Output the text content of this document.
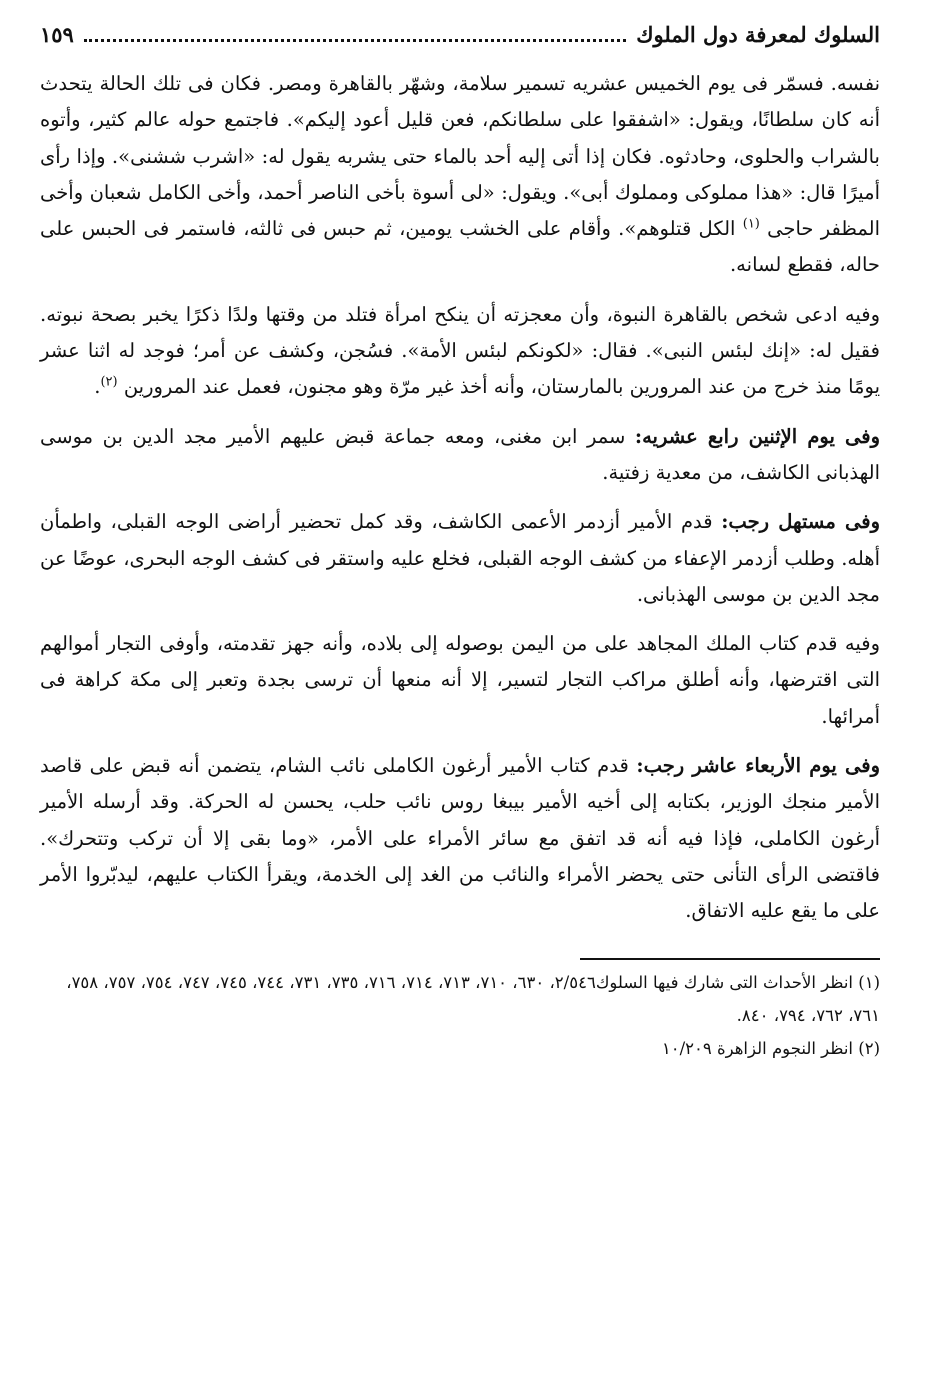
السلوك لمعرفة دول الملوك
١٥٩

نفسه. فسمّر فى يوم الخميس عشريه تسمير سلامة، وشهّر بالقاهرة ومصر. فكان فى تلك الحالة يتحدث أنه كان سلطانًا، ويقول: «اشفقوا على سلطانكم، فعن قليل أعود إليكم». فاجتمع حوله عالم كثير، وأتوه بالشراب والحلوى، وحادثوه. فكان إذا أتى إليه أحد بالماء حتى يشربه يقول له: «اشرب ششنى». وإذا رأى أميرًا قال: «هذا مملوكى ومملوك أبى». ويقول: «لى أسوة بأخى الناصر أحمد، وأخى الكامل شعبان وأخى المظفر حاجى $^{(١)}$ الكل قتلوهم». وأقام على الخشب يومين، ثم حبس فى ثالثه، فاستمر فى الحبس على حاله، فقطع لسانه.

وفيه ادعى شخص بالقاهرة النبوة، وأن معجزته أن ينكح امرأة فتلد من وقتها ولدًا ذكرًا يخبر بصحة نبوته. فقيل له: «إنك لبئس النبى». فقال: «لكونكم لبئس الأمة». فسُجن، وكشف عن أمر؛ فوجد له اثنا عشر يومًا منذ خرج من عند المرورين بالمارستان، وأنه أخذ غير مرّة وهو مجنون، فعمل عند المرورين $^{(٢)}$.

وفى يوم الإثنين رابع عشريه: سمر ابن مغنى، ومعه جماعة قبض عليهم الأمير مجد الدين بن موسى الهذبانى الكاشف، من معدية زفتية.

وفى مستهل رجب: قدم الأمير أزدمر الأعمى الكاشف، وقد كمل تحضير أراضى الوجه القبلى، واطمأن أهله. وطلب أزدمر الإعفاء من كشف الوجه القبلى، فخلع عليه واستقر فى كشف الوجه البحرى، عوضًا عن مجد الدين بن موسى الهذبانى.

وفيه قدم كتاب الملك المجاهد على من اليمن بوصوله إلى بلاده، وأنه جهز تقدمته، وأوفى التجار أموالهم التى اقترضها، وأنه أطلق مراكب التجار لتسير، إلا أنه منعها أن ترسى بجدة وتعبر إلى مكة كراهة فى أمرائها.

وفى يوم الأربعاء عاشر رجب: قدم كتاب الأمير أرغون الكاملى نائب الشام، يتضمن أنه قبض على قاصد الأمير منجك الوزير، بكتابه إلى أخيه الأمير بيبغا روس نائب حلب، يحسن له الحركة. وقد أرسله الأمير أرغون الكاملى، فإذا فيه أنه قد اتفق مع سائر الأمراء على الأمر، «وما بقى إلا أن تركب وتتحرك». فاقتضى الرأى التأنى حتى يحضر الأمراء والنائب من الغد إلى الخدمة، ويقرأ الكتاب عليهم، ليدبّروا الأمر على ما يقع عليه الاتفاق.

(١) انظر الأحداث التى شارك فيها السلوك٢/٥٤٦، ٦٣٠، ٧١٠، ٧١٣، ٧١٤، ٧١٦، ٧٣٥، ٧٣١، ٧٤٤، ٧٤٥، ٧٤٧، ٧٥٤، ٧٥٧، ٧٥٨، ٧٦١، ٧٦٢، ٧٩٤، ٨٤٠.

(٢) انظر النجوم الزاهرة ١٠/٢٠٩
